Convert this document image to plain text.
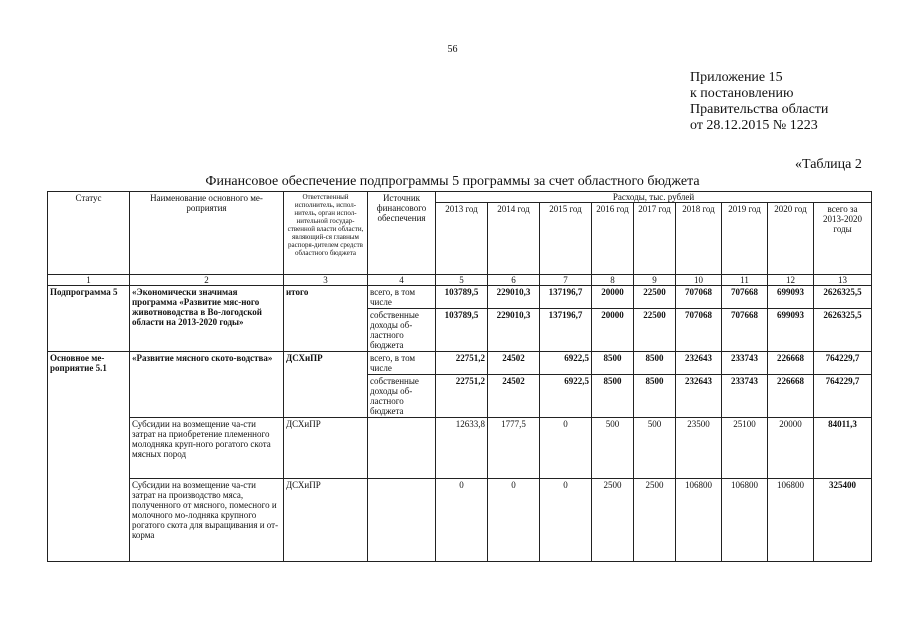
56
Приложение 15
к постановлению
Правительства области
от 28.12.2015 № 1223
«Таблица 2
Финансовое обеспечение подпрограммы 5 программы за счет областного бюджета
Статус	Наименование основного ме-роприятия	Ответственный исполнитель, испол-нитель, орган испол-нительной государ-ственной власти области, являющий-ся главным распоря-дителем средств областного бюджета	Источник финансового обеспечения	Расходы, тыс. рублей								
				2013 год	2014 год	2015 год	2016 год	2017 год	2018 год	2019 год	2020 год	всего за 2013-2020 годы
1	2	3	4	5	6	7	8	9	10	11	12	13
Подпрограмма 5	«Экономически значимая программа «Развитие мяс-ного животноводства в Во-логодской области на 2013-2020 годы»	итого	всего, в том числе	103789,5	229010,3	137196,7	20000	22500	707068	707668	699093	2626325,5
			собственные доходы об-ластного бюджета	103789,5	229010,3	137196,7	20000	22500	707068	707668	699093	2626325,5
Основное ме-роприятие 5.1	«Развитие мясного ското-водства»	ДСХиПР	всего, в том числе	22751,2	24502	6922,5	8500	8500	232643	233743	226668	764229,7
			собственные доходы об-ластного бюджета	22751,2	24502	6922,5	8500	8500	232643	233743	226668	764229,7
	Субсидии на возмещение ча-сти затрат на приобретение племенного молодняка круп-ного рогатого скота мясных пород	ДСХиПР		12633,8	1777,5	0	500	500	23500	25100	20000	84011,3
	Субсидии на возмещение ча-сти затрат на производство мяса, полученного от мясного, помесного и молочного мо-лодняка крупного рогатого скота для выращивания и от-корма	ДСХиПР		0	0	0	2500	2500	106800	106800	106800	325400
